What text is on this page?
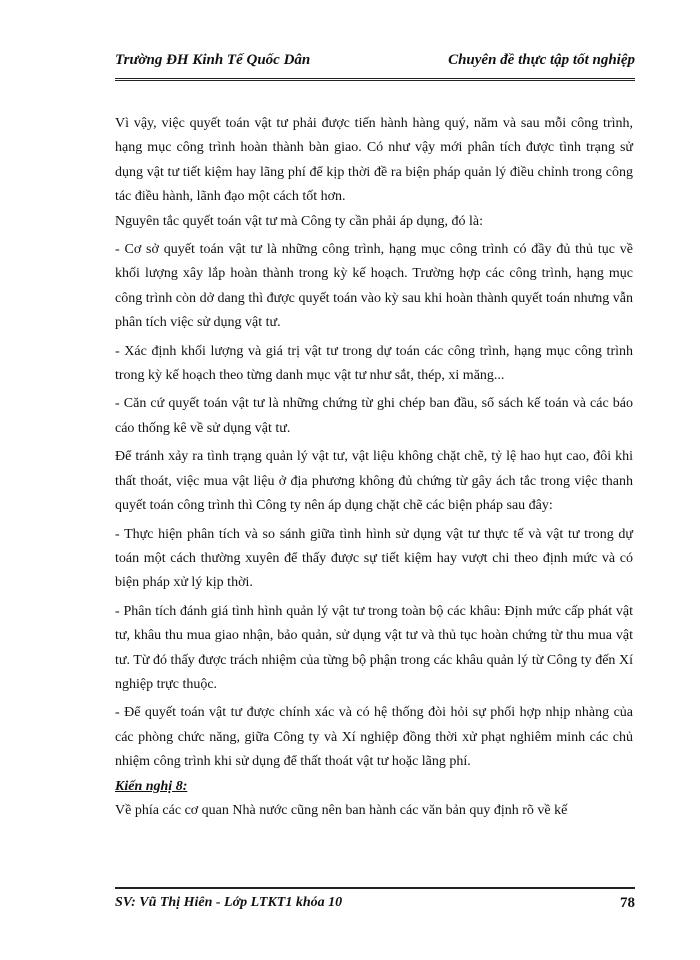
Trường ĐH Kinh Tế Quốc Dân	Chuyên đề thực tập tốt nghiệp

Vì vậy, việc quyết toán vật tư phải được tiến hành hàng quý, năm và sau mỗi công trình, hạng mục công trình hoàn thành bàn giao. Có như vậy mới phân tích được tình trạng sử dụng vật tư tiết kiệm hay lãng phí để kịp thời đề ra biện pháp quản lý điều chỉnh trong công tác điều hành, lãnh đạo một cách tốt hơn.

Nguyên tắc quyết toán vật tư mà Công ty cần phải áp dụng, đó là:

- Cơ sở quyết toán vật tư là những công trình, hạng mục công trình có đầy đủ thủ tục về khối lượng xây lắp hoàn thành trong kỳ kế hoạch. Trường hợp các công trình, hạng mục công trình còn dở dang thì được quyết toán vào kỳ sau khi hoàn thành quyết toán nhưng vẫn phân tích việc sử dụng vật tư.

- Xác định khối lượng và giá trị vật tư trong dự toán các công trình, hạng mục công trình trong kỳ kế hoạch theo từng danh mục vật tư như sắt, thép, xi măng...

- Căn cứ quyết toán vật tư là những chứng từ ghi chép ban đầu, sổ sách kế toán và các báo cáo thống kê về sử dụng vật tư.

Để tránh xảy ra tình trạng quản lý vật tư, vật liệu không chặt chẽ, tỷ lệ hao hụt cao, đôi khi thất thoát, việc mua vật liệu ở địa phương không đủ chứng từ gây ách tắc trong việc thanh quyết toán công trình thì Công ty nên áp dụng chặt chẽ các biện pháp sau đây:

- Thực hiện phân tích và so sánh giữa tình hình sử dụng vật tư thực tế và vật tư trong dự toán một cách thường xuyên để thấy được sự tiết kiệm hay vượt chi theo định mức và có biện pháp xử lý kịp thời.

- Phân tích đánh giá tình hình quản lý vật tư trong toàn bộ các khâu: Định mức cấp phát vật tư, khâu thu mua giao nhận, bảo quản, sử dụng vật tư và thủ tục hoàn chứng từ thu mua vật tư. Từ đó thấy được trách nhiệm của từng bộ phận trong các khâu quản lý từ Công ty đến Xí nghiệp trực thuộc.

- Để quyết toán vật tư được chính xác và có hệ thống đòi hỏi sự phối hợp nhịp nhàng của các phòng chức năng, giữa Công ty và Xí nghiệp đồng thời xử phạt nghiêm minh các chủ nhiệm công trình khi sử dụng để thất thoát vật tư hoặc lãng phí.

Kiến nghị 8:

Về phía các cơ quan Nhà nước cũng nên ban hành các văn bản quy định rõ về kế

SV: Vũ Thị Hiên - Lớp LTKT1 khóa 10	78
